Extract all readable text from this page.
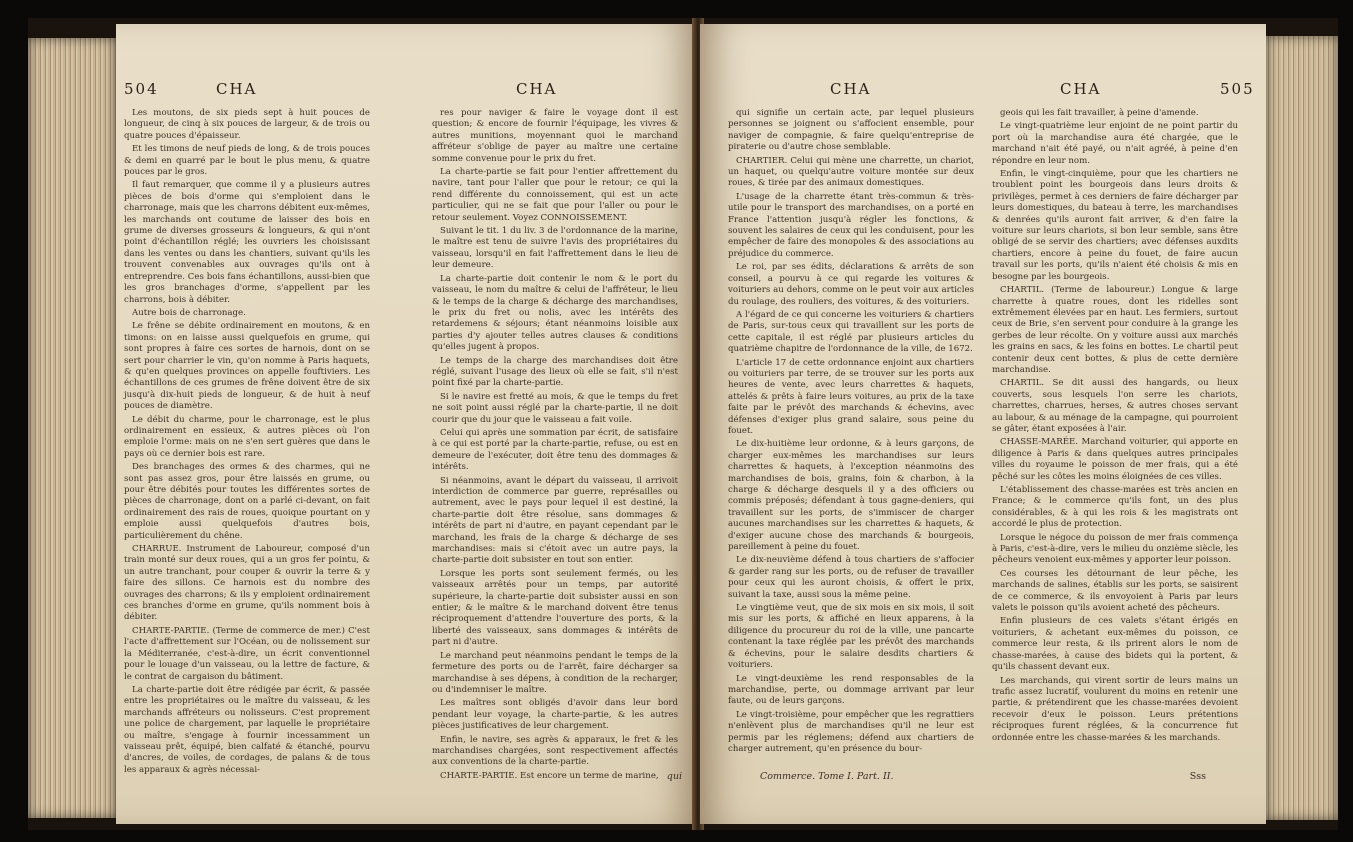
504	CHA	CHA

Les moutons, de six pieds sept à huit pouces de longueur, de cinq à six pouces de largeur, & de trois ou quatre pouces d'épaisseur.

Et les timons de neuf pieds de long, & de trois pouces & demi en quarré par le bout le plus menu, & quatre pouces par le gros.

Il faut remarquer, que comme il y a plusieurs autres pièces de bois d'orme qui s'emploient dans le charronage, mais que les charrons débitent eux-mêmes, les marchands ont coutume de laisser des bois en grume de diverses grosseurs & longueurs, & qui n'ont point d'échantillon réglé; les ouvriers les choisissant dans les ventes ou dans les chantiers, suivant qu'ils les trouvent convenables aux ouvrages qu'ils ont à entreprendre. Ces bois fans échantillons, aussi-bien que les gros branchages d'orme, s'appellent par les charrons, bois à débiter.

Autre bois de charronage.

Le frêne se débite ordinairement en moutons, & en timons: on en laisse aussi quelquefois en grume, qui sont propres à faire ces sortes de harnois, dont on se sert pour charrier le vin, qu'on nomme à Paris haquets, & qu'en quelques provinces on appelle fouftiviers. Les échantillons de ces grumes de frêne doivent être de six jusqu'à dix-huit pieds de longueur, & de huit à neuf pouces de diamètre.

Le débit du charme, pour le charronage, est le plus ordinairement en essieux, & autres pièces où l'on emploie l'orme: mais on ne s'en sert guères que dans le pays où ce dernier bois est rare.

Des branchages des ormes & des charmes, qui ne sont pas assez gros, pour être laissés en grume, ou pour être débités pour toutes les différentes sortes de pièces de charronage, dont on a parlé ci-devant, on fait ordinairement des rais de roues, quoique pourtant on y emploie aussi quelquefois d'autres bois, particulièrement du chêne.

CHARRUE. Instrument de Laboureur, composé d'un train monté sur deux roues, qui a un gros fer pointu, & un autre tranchant, pour couper & ouvrir la terre & y faire des sillons. Ce harnois est du nombre des ouvrages des charrons; & ils y emploient ordinairement ces branches d'orme en grume, qu'ils nomment bois à débiter.

CHARTE-PARTIE. (Terme de commerce de mer.) C'est l'acte d'affrettement sur l'Océan, ou de nolissement sur la Méditerranée, c'est-à-dire, un écrit conventionnel pour le louage d'un vaisseau, ou la lettre de facture, & le contrat de cargaison du bâtiment.

La charte-partie doit être rédigée par écrit, & passée entre les propriétaires ou le maître du vaisseau, & les marchands affréteurs ou nolisseurs. C'est proprement une police de chargement, par laquelle le propriétaire ou maître, s'engage à fournir incessamment un vaisseau prêt, équipé, bien calfaté & étanché, pourvu d'ancres, de voiles, de cordages, de palans & de tous les apparaux & agrès nécessai-

res pour naviger & faire le voyage dont il est question; & encore de fournir l'équipage, les vivres & autres munitions, moyennant quoi le marchand affréteur s'oblige de payer au maître une certaine somme convenue pour le prix du fret.

La charte-partie se fait pour l'entier affrettement du navire, tant pour l'aller que pour le retour; ce qui la rend différente du connoissement, qui est un acte particulier, qui ne se fait que pour l'aller ou pour le retour seulement. Voyez CONNOISSEMENT.

Suivant le tit. 1 du liv. 3 de l'ordonnance de la marine, le maître est tenu de suivre l'avis des propriétaires du vaisseau, lorsqu'il en fait l'affrettement dans le lieu de leur demeure.

La charte-partie doit contenir le nom & le port du vaisseau, le nom du maître & celui de l'affréteur, le lieu & le temps de la charge & décharge des marchandises, le prix du fret ou nolis, avec les intérêts des retardemens & séjours; étant néanmoins loisible aux parties d'y ajouter telles autres clauses & conditions qu'elles jugent à propos.

Le temps de la charge des marchandises doit être réglé, suivant l'usage des lieux où elle se fait, s'il n'est point fixé par la charte-partie.

Si le navire est fretté au mois, & que le temps du fret ne soit point aussi réglé par la charte-partie, il ne doit courir que du jour que le vaisseau a fait voile.

Celui qui après une sommation par écrit, de satisfaire à ce qui est porté par la charte-partie, refuse, ou est en demeure de l'exécuter, doit être tenu des dommages & intérêts.

Si néanmoins, avant le départ du vaisseau, il arrivoit interdiction de commerce par guerre, représailles ou autrement, avec le pays pour lequel il est destiné, la charte-partie doit être résolue, sans dommages & intérêts de part ni d'autre, en payant cependant par le marchand, les frais de la charge & décharge de ses marchandises: mais si c'étoit avec un autre pays, la charte-partie doit subsister en tout son entier.

Lorsque les ports sont seulement fermés, ou les vaisseaux arrêtés pour un temps, par autorité supérieure, la charte-partie doit subsister aussi en son entier; & le maître & le marchand doivent être tenus réciproquement d'attendre l'ouverture des ports, & la liberté des vaisseaux, sans dommages & intérêts de part ni d'autre.

Le marchand peut néanmoins pendant le temps de la fermeture des ports ou de l'arrêt, faire décharger sa marchandise à ses dépens, à condition de la recharger, ou d'indemniser le maître.

Les maîtres sont obligés d'avoir dans leur bord pendant leur voyage, la charte-partie, & les autres pièces justificatives de leur chargement.

Enfin, le navire, ses agrès & apparaux, le fret & les marchandises chargées, sont respectivement affectés aux conventions de la charte-partie.

CHARTE-PARTIE. Est encore un terme de marine, qui
CHA	CHA	505

qui signifie un certain acte, par lequel plusieurs personnes se joignent ou s'affocient ensemble, pour naviger de compagnie, & faire quelqu'entreprise de piraterie ou d'autre chose semblable.

CHARTIER. Celui qui mène une charrette, un chariot, un haquet, ou quelqu'autre voiture montée sur deux roues, & tirée par des animaux domestiques.

L'usage de la charrette étant très-commun & très-utile pour le transport des marchandises, on a porté en France l'attention jusqu'à régler les fonctions, & souvent les salaires de ceux qui les conduisent, pour les empêcher de faire des monopoles & des associations au préjudice du commerce.

Le roi, par ses édits, déclarations & arrêts de son conseil, a pourvu à ce qui regarde les voitures & voituriers au dehors, comme on le peut voir aux articles du roulage, des rouliers, des voitures, & des voituriers.

A l'égard de ce qui concerne les voituriers & chartiers de Paris, sur-tous ceux qui travaillent sur les ports de cette capitale, il est réglé par plusieurs articles du quatrième chapitre de l'ordonnance de la ville, de 1672.

L'article 17 de cette ordonnance enjoint aux chartiers ou voituriers par terre, de se trouver sur les ports aux heures de vente, avec leurs charrettes & haquets, attelés & prêts à faire leurs voitures, au prix de la taxe faite par le prévôt des marchands & échevins, avec défenses d'exiger plus grand salaire, sous peine du fouet.

Le dix-huitième leur ordonne, & à leurs garçons, de charger eux-mêmes les marchandises sur leurs charrettes & haquets, à l'exception néanmoins des marchandises de bois, grains, foin & charbon, à la charge & décharge desquels il y a des officiers ou commis préposés; défendant à tous gagne-deniers, qui travaillent sur les ports, de s'immiscer de charger aucunes marchandises sur les charrettes & haquets, & d'exiger aucune chose des marchands & bourgeois, pareillement à peine du fouet.

Le dix-neuvième défend à tous chartiers de s'affocier & garder rang sur les ports, ou de refuser de travailler pour ceux qui les auront choisis, & offert le prix, suivant la taxe, aussi sous la même peine.

Le vingtième veut, que de six mois en six mois, il soit mis sur les ports, & affiché en lieux apparens, à la diligence du procureur du roi de la ville, une pancarte contenant la taxe réglée par les prévôt des marchands & échevins, pour le salaire desdits chartiers & voituriers.

Le vingt-deuxième les rend responsables de la marchandise, perte, ou dommage arrivant par leur faute, ou de leurs garçons.

Le vingt-troisième, pour empêcher que les regrattiers n'enlèvent plus de marchandises qu'il ne leur est permis par les réglemens; défend aux chartiers de charger autrement, qu'en présence du bour-

geois qui les fait travailler, à peine d'amende.

Le vingt-quatrième leur enjoint de ne point partir du port où la marchandise aura été chargée, que le marchand n'ait été payé, ou n'ait agréé, à peine d'en répondre en leur nom.

Enfin, le vingt-cinquième, pour que les chartiers ne troublent point les bourgeois dans leurs droits & privilèges, permet à ces derniers de faire décharger par leurs domestiques, du bateau à terre, les marchandises & denrées qu'ils auront fait arriver, & d'en faire la voiture sur leurs chariots, si bon leur semble, sans être obligé de se servir des chartiers; avec défenses auxdits chartiers, encore à peine du fouet, de faire aucun travail sur les ports, qu'ils n'aient été choisis & mis en besogne par les bourgeois.

CHARTIL. (Terme de laboureur.) Longue & large charrette à quatre roues, dont les ridelles sont extrêmement élevées par en haut. Les fermiers, surtout ceux de Brie, s'en servent pour conduire à la grange les gerbes de leur récolte. On y voiture aussi aux marchés les grains en sacs, & les foins en bottes. Le chartil peut contenir deux cent bottes, & plus de cette dernière marchandise.

CHARTIL. Se dit aussi des hangards, ou lieux couverts, sous lesquels l'on serre les chariots, charrettes, charrues, herses, & autres choses servant au labour, & au ménage de la campagne, qui pourroient se gâter, étant exposées à l'air.

CHASSE-MARÉE. Marchand voiturier, qui apporte en diligence à Paris & dans quelques autres principales villes du royaume le poisson de mer frais, qui a été pêché sur les côtes les moins éloignées de ces villes.

L'établissement des chasse-marées est très ancien en France; & le commerce qu'ils font, un des plus considérables, & à qui les rois & les magistrats ont accordé le plus de protection.

Lorsque le négoce du poisson de mer frais commença à Paris, c'est-à-dire, vers le milieu du onzième siècle, les pêcheurs venoient eux-mêmes y apporter leur poisson.

Ces courses les détournant de leur pêche, les marchands de salines, établis sur les ports, se saisirent de ce commerce, & ils envoyoient à Paris par leurs valets le poisson qu'ils avoient acheté des pêcheurs.

Enfin plusieurs de ces valets s'étant érigés en voituriers, & achetant eux-mêmes du poisson, ce commerce leur resta, & ils prirent alors le nom de chasse-marées, à cause des bidets qui la portent, & qu'ils chassent devant eux.

Les marchands, qui virent sortir de leurs mains un trafic assez lucratif, voulurent du moins en retenir une partie, & prétendirent que les chasse-marées devoient recevoir d'eux le poisson. Leurs prétentions réciproques furent réglées, & la concurrence fut ordonnée entre les chasse-marées & les marchands.

Commerce. Tome I. Part. II.	Sss
